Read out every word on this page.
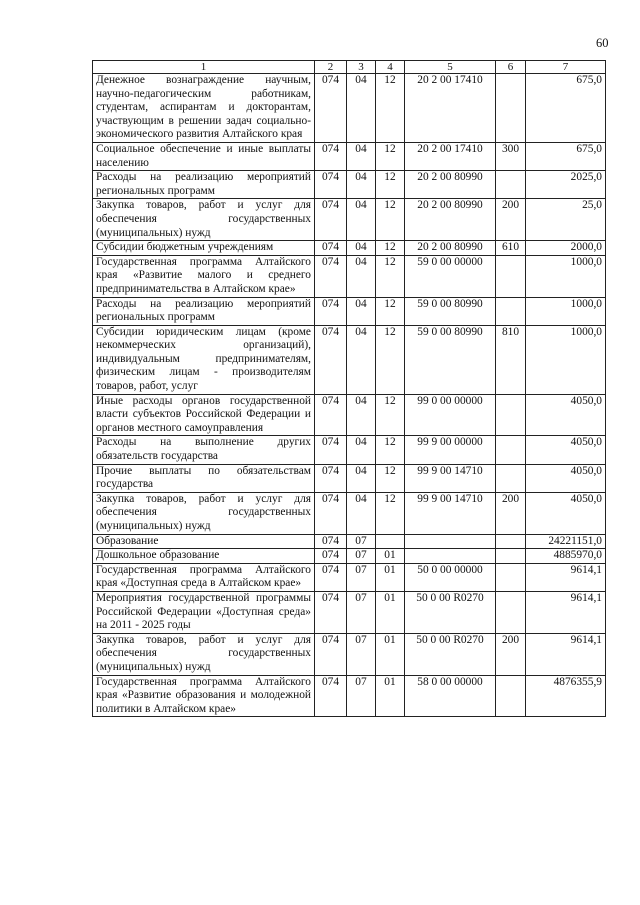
60
1	2	3	4	5	6	7
Денежное вознаграждение научным, научно-педагогическим работникам, студентам, аспирантам и докторантам, участвующим в решении задач социально-экономического развития Алтайского края	074	04	12	20 2 00 17410		675,0
Социальное обеспечение и иные выплаты населению	074	04	12	20 2 00 17410	300	675,0
Расходы на реализацию мероприятий региональных программ	074	04	12	20 2 00 80990		2025,0
Закупка товаров, работ и услуг для обеспечения государственных (муниципальных) нужд	074	04	12	20 2 00 80990	200	25,0
Субсидии бюджетным учреждениям	074	04	12	20 2 00 80990	610	2000,0
Государственная программа Алтайского края «Развитие малого и среднего предпринимательства в Алтайском крае»	074	04	12	59 0 00 00000		1000,0
Расходы на реализацию мероприятий региональных программ	074	04	12	59 0 00 80990		1000,0
Субсидии юридическим лицам (кроме некоммерческих организаций), индивидуальным предпринимателям, физическим лицам - производителям товаров, работ, услуг	074	04	12	59 0 00 80990	810	1000,0
Иные расходы органов государственной власти субъектов Российской Федерации и органов местного самоуправления	074	04	12	99 0 00 00000		4050,0
Расходы на выполнение других обязательств государства	074	04	12	99 9 00 00000		4050,0
Прочие выплаты по обязательствам государства	074	04	12	99 9 00 14710		4050,0
Закупка товаров, работ и услуг для обеспечения государственных (муниципальных) нужд	074	04	12	99 9 00 14710	200	4050,0
Образование	074	07				24221151,0
Дошкольное образование	074	07	01			4885970,0
Государственная программа Алтайского края «Доступная среда в Алтайском крае»	074	07	01	50 0 00 00000		9614,1
Мероприятия государственной программы Российской Федерации «Доступная среда» на 2011 - 2025 годы	074	07	01	50 0 00 R0270		9614,1
Закупка товаров, работ и услуг для обеспечения государственных (муниципальных) нужд	074	07	01	50 0 00 R0270	200	9614,1
Государственная программа Алтайского края «Развитие образования и молодежной политики в Алтайском крае»	074	07	01	58 0 00 00000		4876355,9
